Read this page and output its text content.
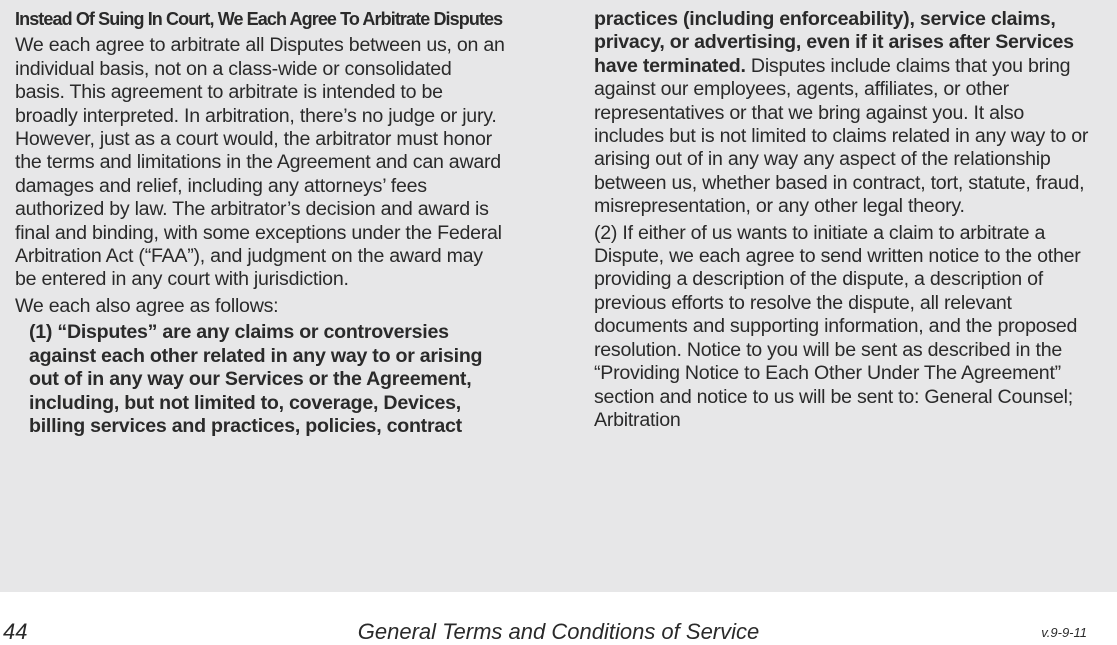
Instead Of Suing In Court, We Each Agree To Arbitrate Disputes
We each agree to arbitrate all Disputes between us, on an individual basis, not on a class-wide or consolidated basis. This agreement to arbitrate is intended to be broadly interpreted. In arbitration, there’s no judge or jury. However, just as a court would, the arbitrator must honor the terms and limitations in the Agreement and can award damages and relief, including any attorneys’ fees authorized by law. The arbitrator’s decision and award is final and binding, with some exceptions under the Federal Arbitration Act (“FAA”), and judgment on the award may be entered in any court with jurisdiction.
We each also agree as follows:
(1) “Disputes” are any claims or controversies against each other related in any way to or arising out of in any way our Services or the Agreement, including, but not limited to, coverage, Devices, billing services and practices, policies, contract
practices (including enforceability), service claims, privacy, or advertising, even if it arises after Services have terminated. Disputes include claims that you bring against our employees, agents, affiliates, or other representatives or that we bring against you. It also includes but is not limited to claims related in any way to or arising out of in any way any aspect of the relationship between us, whether based in contract, tort, statute, fraud, misrepresentation, or any other legal theory.
(2) If either of us wants to initiate a claim to arbitrate a Dispute, we each agree to send written notice to the other providing a description of the dispute, a description of previous efforts to resolve the dispute, all relevant documents and supporting information, and the proposed resolution. Notice to you will be sent as described in the “Providing Notice to Each Other Under The Agreement” section and notice to us will be sent to: General Counsel; Arbitration
44	General Terms and Conditions of Service	v.9-9-11
